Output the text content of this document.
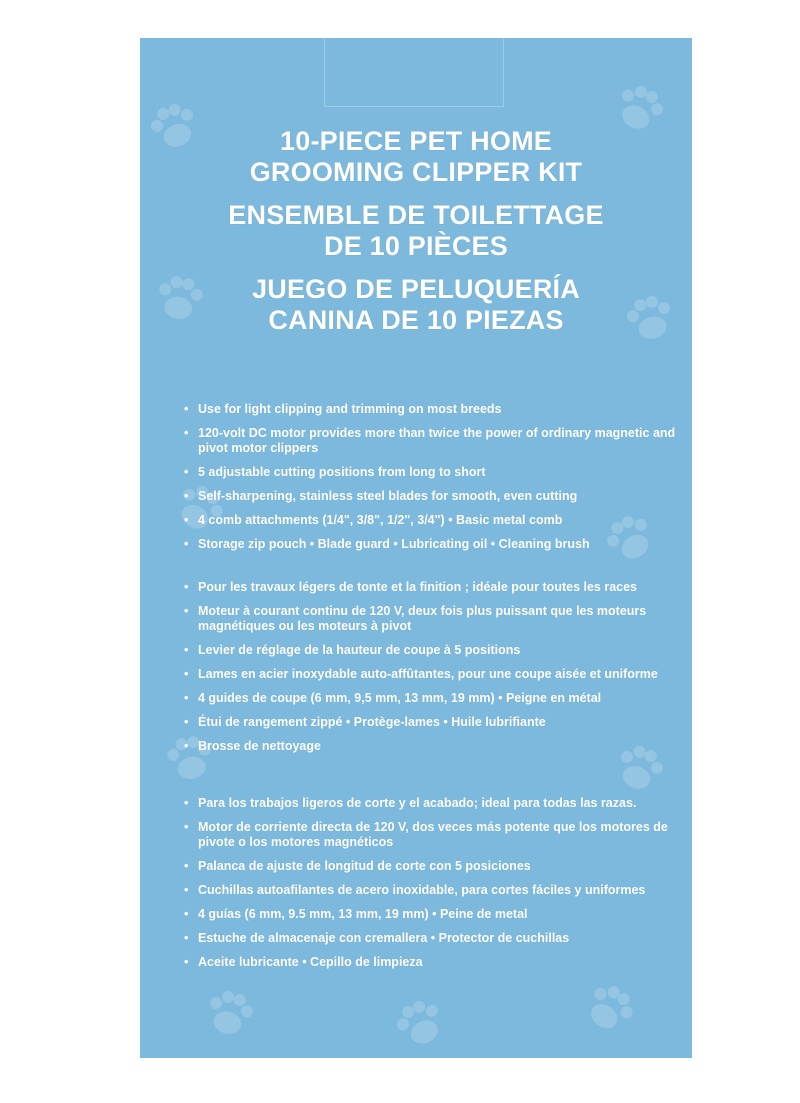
10-PIECE PET HOME
GROOMING CLIPPER KIT
ENSEMBLE DE TOILETTAGE
DE 10 PIÈCES
JUEGO DE PELUQUERÍA
CANINA DE 10 PIEZAS
• Use for light clipping and trimming on most breeds
• 120-volt DC motor provides more than twice the power of ordinary magnetic and pivot motor clippers
• 5 adjustable cutting positions from long to short
• Self-sharpening, stainless steel blades for smooth, even cutting
• 4 comb attachments (1/4", 3/8", 1/2", 3/4") • Basic metal comb
• Storage zip pouch • Blade guard • Lubricating oil • Cleaning brush
• Pour les travaux légers de tonte et la finition ; idéale pour toutes les races
• Moteur à courant continu de 120 V, deux fois plus puissant que les moteurs magnétiques ou les moteurs à pivot
• Levier de réglage de la hauteur de coupe à 5 positions
• Lames en acier inoxydable auto-affûtantes, pour une coupe aisée et uniforme
• 4 guides de coupe (6 mm, 9,5 mm, 13 mm, 19 mm) • Peigne en métal
• Étui de rangement zippé • Protège-lames • Huile lubrifiante
• Brosse de nettoyage
• Para los trabajos ligeros de corte y el acabado; ideal para todas las razas.
• Motor de corriente directa de 120 V, dos veces más potente que los motores de pivote o los motores magnéticos
• Palanca de ajuste de longitud de corte con 5 posiciones
• Cuchillas autoafilantes de acero inoxidable, para cortes fáciles y uniformes
• 4 guías (6 mm, 9.5 mm, 13 mm, 19 mm) • Peine de metal
• Estuche de almacenaje con cremallera • Protector de cuchillas
• Aceite lubricante • Cepillo de limpieza
